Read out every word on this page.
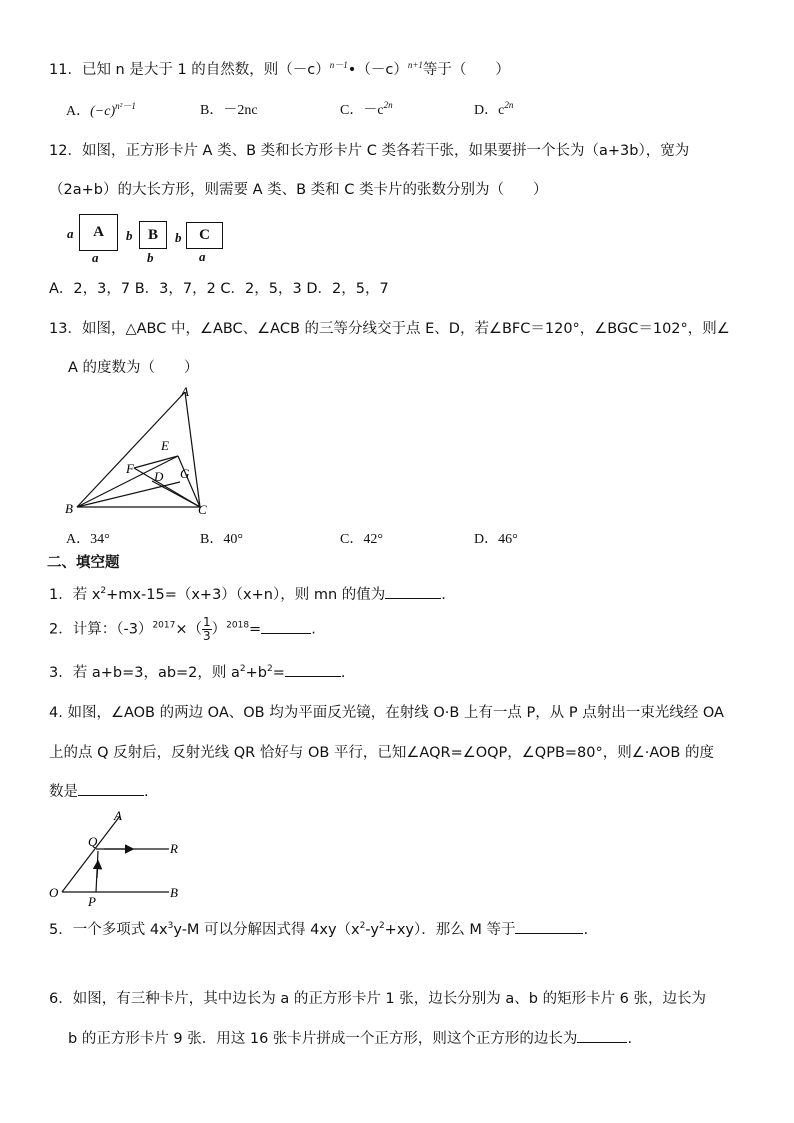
11．已知 n 是大于 1 的自然数，则$(-c)^{n-1}•(-c)^{n+1}$等于（　　）
A．$(-c)^{n^2-1}$	B．－2nc	C．$-c^{2n}$	D．$c^{2n}$
12．如图，正方形卡片 A 类、B 类和长方形卡片 C 类各若干张，如果要拼一个长为（a+3b），宽为
（2a+b）的大长方形，则需要 A 类、B 类和 C 类卡片的张数分别为（　　）
a A
a
b B
b
b C
a
A．2，3，7 B．3，7，2 C．2，5，3 D．2，5，7
13．如图，△ABC 中，∠ABC、∠ACB 的三等分线交于点 E、D，若∠BFC＝120°，∠BGC＝102°，则∠
A 的度数为（　　）
A
B	C
D
E
F	G
A．34°	B．40°	C．42°	D．46°
二、填空题
1．若 $x^2+mx-15=(x+3)(x+n)$，则 mn 的值为	.
2．计算：$(-3)^{2017}\times( \frac{1}{3} )^{2018}=$	.
3．若 a+b=3，ab=2，则 $a^2+b^2=$	.
4. 如图，∠AOB 的两边 OA、OB 均为平面反光镜，在射线 O·B 上有一点 P，从 P 点射出一束光线经 OA
上的点 Q 反射后，反射光线 QR 恰好与 OB 平行，已知∠AQR=∠OQP，∠QPB=80°，则∠·AOB 的度
数是	.
A
Q	R
O
P
B
5．一个多项式 $4x^3y-M$ 可以分解因式得 $4xy(x^2-y^2+xy)$．那么 M 等于	.
6．如图，有三种卡片，其中边长为 a 的正方形卡片 1 张，边长分别为 a、b 的矩形卡片 6 张，边长为
b 的正方形卡片 9 张．用这 16 张卡片拼成一个正方形，则这个正方形的边长为	.
